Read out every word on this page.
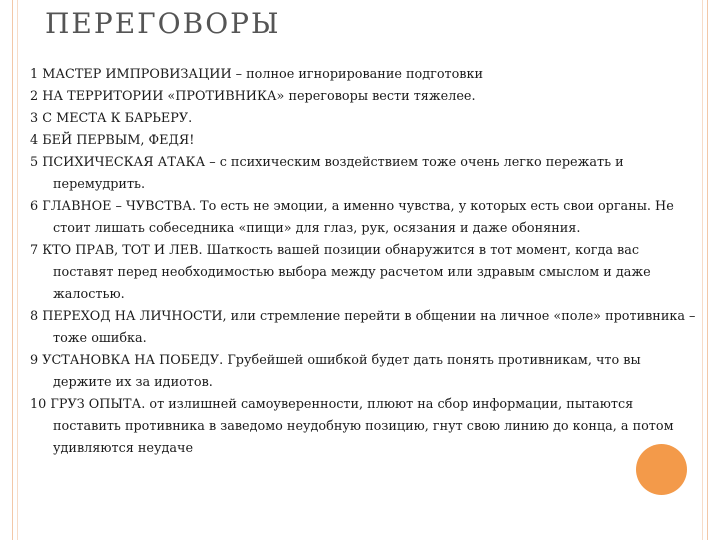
ПЕРЕГОВОРЫ

1 МАСТЕР ИМПРОВИЗАЦИИ – полное игнорирование подготовки

2 НА ТЕРРИТОРИИ «ПРОТИВНИКА» переговоры вести тяжелее.

3 С МЕСТА К БАРЬЕРУ.

4 БЕЙ ПЕРВЫМ, ФЕДЯ!

5 ПСИХИЧЕСКАЯ АТАКА – с психическим воздействием тоже очень легко пережать и перемудрить.

6 ГЛАВНОЕ – ЧУВСТВА. То есть не эмоции, а именно чувства, у которых есть свои органы. Не стоит лишать собеседника «пищи» для глаз, рук, осязания и даже обоняния.

7 КТО ПРАВ, ТОТ И ЛЕВ. Шаткость вашей позиции обнаружится в тот момент, когда вас поставят перед необходимостью выбора между расчетом или здравым смыслом и даже жалостью.

8 ПЕРЕХОД НА ЛИЧНОСТИ, или стремление перейти в общении на личное «поле» противника – тоже ошибка.

9 УСТАНОВКА НА ПОБЕДУ. Грубейшей ошибкой будет дать понять противникам, что вы держите их за идиотов.

10 ГРУЗ ОПЫТА. от излишней самоуверенности, плюют на сбор информации, пытаются поставить противника в заведомо неудобную позицию, гнут свою линию до конца, а потом удивляются неудаче
